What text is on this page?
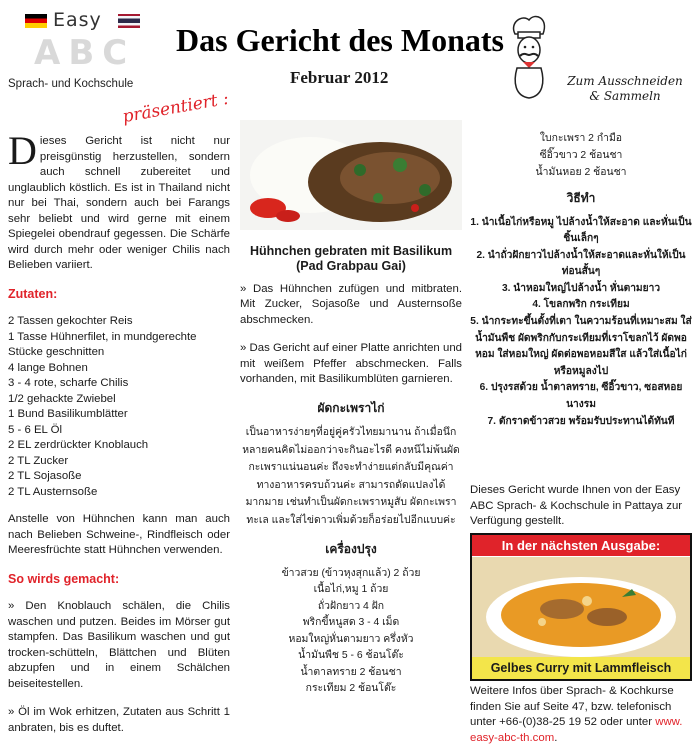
Easy
ABC
Sprach- und Kochschule
präsentiert :
Das Gericht des Monats
Februar 2012	Zum Ausschneiden
& Sammeln

Dieses Gericht ist nicht nur preisgünstig herzustellen, sondern auch schnell zubereitet und unglaublich köstlich. Es ist in Thailand nicht nur bei Thai, sondern auch bei Farangs sehr beliebt und wird gerne mit einem Spiegelei obendrauf gegessen. Die Schärfe wird durch mehr oder weniger Chilis nach Belieben variiert.

Zutaten:
2 Tassen gekochter Reis
1 Tasse Hühnerfilet, in mundgerechte Stücke geschnitten
4 lange Bohnen
3 - 4 rote, scharfe Chilis
1/2 gehackte Zwiebel
1 Bund Basilikumblätter
5 - 6 EL Öl
2 EL zerdrückter Knoblauch
2 TL Zucker
2 TL Sojasoße
2 TL Austernsoße

Anstelle von Hühnchen kann man auch nach Belieben Schweine-, Rindfleisch oder Meeresfrüchte statt Hühnchen verwenden.

So wirds gemacht:

» Den Knoblauch schälen, die Chilis waschen und putzen. Beides im Mörser gut stampfen. Das Basilikum waschen und gut trocken-schütteln, Blättchen und Blüten abzupfen und in einem Schälchen beiseitestellen.

» Öl im Wok erhitzen, Zutaten aus Schritt 1 anbraten, bis es duftet.

Hühnchen gebraten mit Basilikum
(Pad Grabpau Gai)

» Das Hühnchen zufügen und mitbraten. Mit Zucker, Sojasoße und Austernsoße abschmecken.

» Das Gericht auf einer Platte anrichten und mit weißem Pfeffer abschmecken. Falls vorhanden, mit Basilikumblüten garnieren.

ผัดกะเพราไก่

เป็นอาหารง่ายๆที่อยู่คู่ครัวไทยมานาน ถ้าเมื่อนึกหลายคนคิดไม่ออกว่าจะกินอะไรดี คงหนีไม่พ้นผัดกะเพราแน่นอนค่ะ ถึงจะทำง่ายแต่กลับมีคุณค่าทางอาหารครบถ้วนค่ะ สามารถดัดแปลงได้มากมาย เช่นทำเป็นผัดกะเพราหมูสับ ผัดกะเพราทะเล และใส่ไข่ดาวเพิ่มด้วยก็อร่อยไปอีกแบบค่ะ

เครื่องปรุง
ข้าวสวย (ข้าวหุงสุกแล้ว) 2 ถ้วย
เนื้อไก่,หมู 1 ถ้วย
ถั่วฝักยาว 4 ฝัก
พริกขี้หนูสด 3 - 4 เม็ด
หอมใหญ่หั่นตามยาว ครึ่งหัว
น้ำมันพืช 5 - 6 ช้อนโต๊ะ
น้ำตาลทราย 2 ช้อนชา
กระเทียม 2 ช้อนโต๊ะ
ใบกะเพรา 2 กำมือ
ซีอิ๊วขาว 2 ช้อนชา
น้ำมันหอย 2 ช้อนชา
วิธีทำ
1. นำเนื้อไก่หรือหมู ไปล้างน้ำให้สะอาด และหั่นเป็นชิ้นเล็กๆ
2. นำถั่วฝักยาวไปล้างน้ำให้สะอาดและหั่นให้เป็นท่อนสั้นๆ
3. นำหอมใหญ่ไปล้างน้ำ หั่นตามยาว
4. โขลกพริก กระเทียม
5. นำกระทะขึ้นตั้งที่เตา ในความร้อนที่เหมาะสม ใส่น้ำมันพืช ผัดพริกกับกระเทียมที่เราโขลกไว้ ผัดพอหอม ใส่หอมใหญ่ ผัดต่อพอหอมสีใส แล้วใส่เนื้อไก่หรือหมูลงไป
6. ปรุงรสด้วย น้ำตาลทราย, ซีอิ๊วขาว, ซอสหอยนางรม
7. ตักราดข้าวสวย พร้อมรับประทานได้ทันที

Dieses Gericht wurde Ihnen von der Easy ABC Sprach- & Kochschule in Pattaya zur Verfügung gestellt.

In der nächsten Ausgabe:
Gelbes Curry mit Lammfleisch

Weitere Infos über Sprach- & Kochkurse finden Sie auf Seite 47, bzw. telefonisch unter +66-(0)38-25 19 52 oder unter www. easy-abc-th.com.
